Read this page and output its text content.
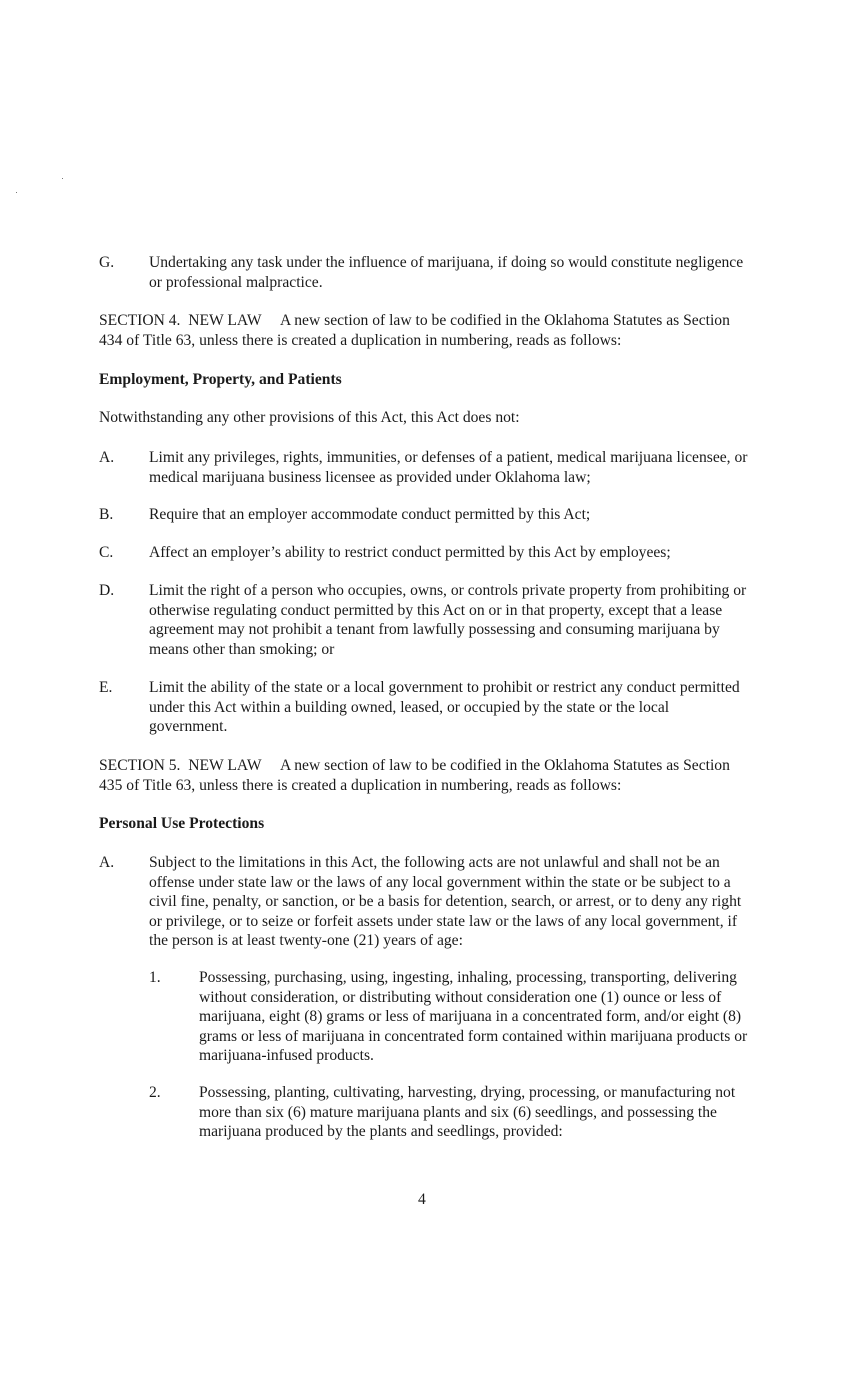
G. Undertaking any task under the influence of marijuana, if doing so would constitute negligence or professional malpractice.
SECTION 4.  NEW LAW     A new section of law to be codified in the Oklahoma Statutes as Section 434 of Title 63, unless there is created a duplication in numbering, reads as follows:
Employment, Property, and Patients
Notwithstanding any other provisions of this Act, this Act does not:
A. Limit any privileges, rights, immunities, or defenses of a patient, medical marijuana licensee, or medical marijuana business licensee as provided under Oklahoma law;
B. Require that an employer accommodate conduct permitted by this Act;
C. Affect an employer’s ability to restrict conduct permitted by this Act by employees;
D. Limit the right of a person who occupies, owns, or controls private property from prohibiting or otherwise regulating conduct permitted by this Act on or in that property, except that a lease agreement may not prohibit a tenant from lawfully possessing and consuming marijuana by means other than smoking; or
E. Limit the ability of the state or a local government to prohibit or restrict any conduct permitted under this Act within a building owned, leased, or occupied by the state or the local government.
SECTION 5.  NEW LAW     A new section of law to be codified in the Oklahoma Statutes as Section 435 of Title 63, unless there is created a duplication in numbering, reads as follows:
Personal Use Protections
A. Subject to the limitations in this Act, the following acts are not unlawful and shall not be an offense under state law or the laws of any local government within the state or be subject to a civil fine, penalty, or sanction, or be a basis for detention, search, or arrest, or to deny any right or privilege, or to seize or forfeit assets under state law or the laws of any local government, if the person is at least twenty-one (21) years of age:
1. Possessing, purchasing, using, ingesting, inhaling, processing, transporting, delivering without consideration, or distributing without consideration one (1) ounce or less of marijuana, eight (8) grams or less of marijuana in a concentrated form, and/or eight (8) grams or less of marijuana in concentrated form contained within marijuana products or marijuana-infused products.
2. Possessing, planting, cultivating, harvesting, drying, processing, or manufacturing not more than six (6) mature marijuana plants and six (6) seedlings, and possessing the marijuana produced by the plants and seedlings, provided:
4
